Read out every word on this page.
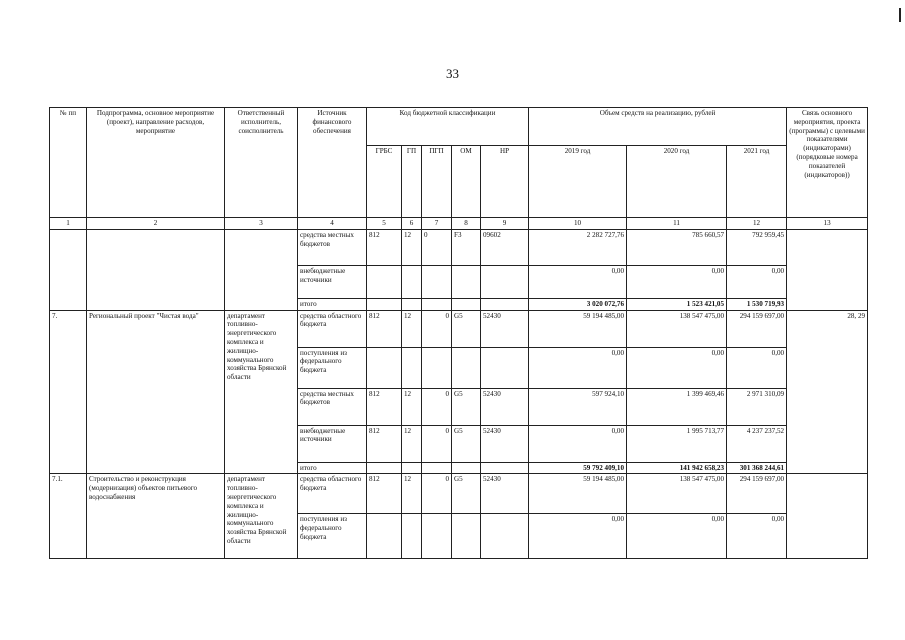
33
№ пп	Подпрограмма, основное мероприятие (проект), направление расходов, мероприятие	Ответственный исполнитель, соисполнитель	Источник финансового обеспечения	Код бюджетной классификации					Объем средств на реализацию, рублей			Связь основного мероприятия, проекта (программы) с целевыми показателями (индикаторами) (порядковые номера показателей (индикаторов))
				ГРБС	ГП	ПГП	ОМ	НР	2019 год	2020 год	2021 год	
1	2	3	4	5	6	7	8	9	10	11	12	13
			средства местных бюджетов	812	12	0	F3	09602	2 282 727,76	785 660,57	792 959,45	
			внебюджетные источники						0,00	0,00	0,00	
			итого						3 020 072,76	1 523 421,05	1 530 719,93	
7.	Региональный проект "Чистая вода"	департамент топливно-энергетического комплекса и жилищно-коммунального хозяйства Брянской области	средства областного бюджета	812	12	0	G5	52430	59 194 485,00	138 547 475,00	294 159 697,00	28, 29
			поступления из федерального бюджета						0,00	0,00	0,00	
			средства местных бюджетов	812	12	0	G5	52430	597 924,10	1 399 469,46	2 971 310,09	
			внебюджетные источники	812	12	0	G5	52430	0,00	1 995 713,77	4 237 237,52	
			итого						59 792 409,10	141 942 658,23	301 368 244,61	
7.1.	Строительство и реконструкция (модернизация) объектов питьевого водоснабжения	департамент топливно-энергетического комплекса и жилищно-коммунального хозяйства Брянской области	средства областного бюджета	812	12	0	G5	52430	59 194 485,00	138 547 475,00	294 159 697,00	
			поступления из федерального бюджета						0,00	0,00	0,00	
